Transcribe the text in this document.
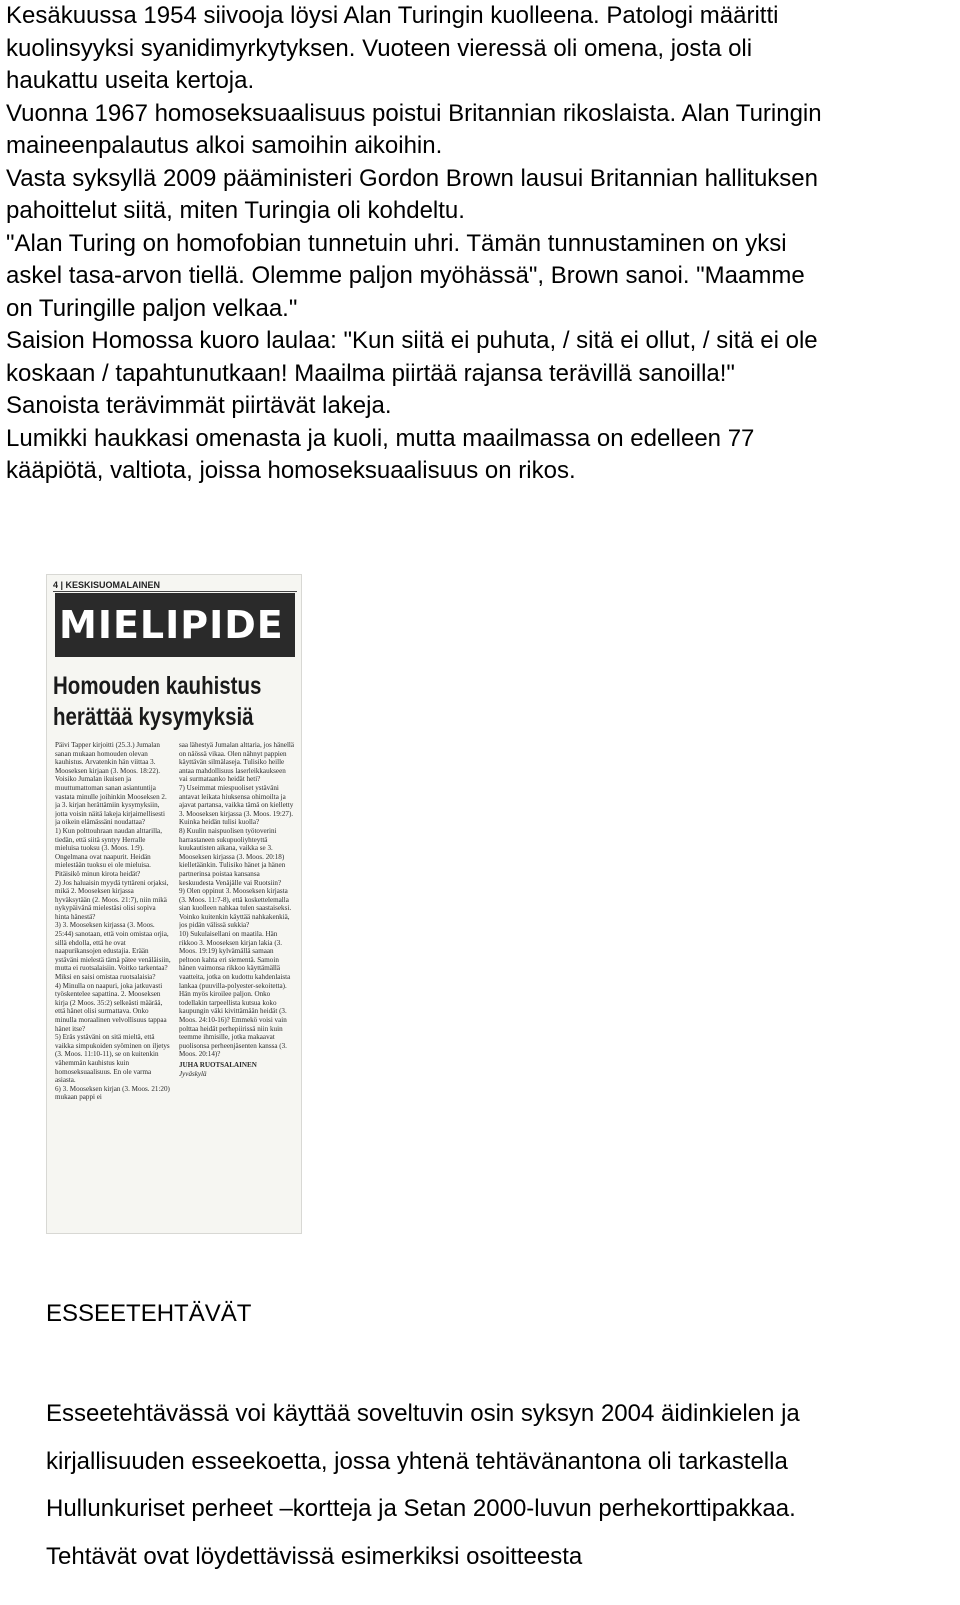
Kesäkuussa 1954 siivooja löysi Alan Turingin kuolleena. Patologi määritti

kuolinsyyksi syanidimyrkytyksen. Vuoteen vieressä oli omena, josta oli

haukattu useita kertoja.

Vuonna 1967 homoseksuaalisuus poistui Britannian rikoslaista. Alan Turingin

maineenpalautus alkoi samoihin aikoihin.

Vasta syksyllä 2009 pääministeri Gordon Brown lausui Britannian hallituksen

pahoittelut siitä, miten Turingia oli kohdeltu.

"Alan Turing on homofobian tunnetuin uhri. Tämän tunnustaminen on yksi

askel tasa-arvon tiellä. Olemme paljon myöhässä", Brown sanoi. "Maamme

on Turingille paljon velkaa."

Saision Homossa kuoro laulaa: "Kun siitä ei puhuta, / sitä ei ollut, / sitä ei ole

koskaan / tapahtunutkaan! Maailma piirtää rajansa terävillä sanoilla!"

Sanoista terävimmät piirtävät lakeja.

Lumikki haukkasi omenasta ja kuoli, mutta maailmassa on edelleen 77

kääpiötä, valtiota, joissa homoseksuaalisuus on rikos.

4 | KESKISUOMALAINEN
MIELIPIDE
Homouden kauhistus
herättää kysymyksiä

Päivi Tapper kirjoitti (25.3.) Jumalan sanan mukaan homouden olevan kauhistus. Arvatenkin hän viittaa 3. Mooseksen kirjaan (3. Moos. 18:22). Voisiko Jumalan ikuisen ja muuttumattoman sanan asiantuntija vastata minulle joihinkin Mooseksen 2. ja 3. kirjan herättämiin kysymyksiin, jotta voisin näitä lakeja kirjaimellisesti ja oikein elämässäni noudattaa?

1) Kun polttouhraan naudan alttarilla, tiedän, että siitä syntyy Herralle mieluisa tuoksu (3. Moos. 1:9). Ongelmana ovat naapurit. Heidän mielestään tuoksu ei ole mieluisa. Pitäisikö minun kirota heidät?

2) Jos haluaisin myydä tyttäreni orjaksi, mikä 2. Mooseksen kirjassa hyväksytään (2. Moos. 21:7), niin mikä nykypäivänä mielestäsi olisi sopiva hinta hänestä?

3) 3. Mooseksen kirjassa (3. Moos. 25:44) sanotaan, että voin omistaa orjia, sillä ehdolla, että he ovat naapurikansojen edustajia. Erään ystäväni mielestä tämä pätee venäläisiin, mutta ei ruotsalaisiin. Voitko tarkentaa? Miksi en saisi omistaa ruotsalaisia?

4) Minulla on naapuri, joka jatkuvasti työskentelee sapattina. 2. Mooseksen kirja (2 Moos. 35:2) selkeästi määrää, että hänet olisi surmattava. Onko minulla moraalinen velvollisuus tappaa hänet itse?

5) Eräs ystäväni on sitä mieltä, että vaikka simpukoiden syöminen on iljetys (3. Moos. 11:10-11), se on kuitenkin vähemmän kauhistus kuin homoseksuaalisuus. En ole varma asiasta.

6) 3. Mooseksen kirjan (3. Moos. 21:20) mukaan pappi ei

saa lähestyä Jumalan alttaria, jos hänellä on näössä vikaa. Olen nähnyt pappien käyttävän silmälaseja. Tulisiko heille antaa mahdollisuus laserleikkaukseen vai surmataanko heidät heti?

7) Useimmat miespuoliset ystäväni antavat leikata hiuksensa ohimoilta ja ajavat partansa, vaikka tämä on kielletty 3. Mooseksen kirjassa (3. Moos. 19:27). Kuinka heidän tulisi kuolla?

8) Kuulin naispuolisen työtoverini harrastaneen sukupuoliyhteyttä kuukautisten aikana, vaikka se 3. Mooseksen kirjassa (3. Moos. 20:18) kielletäänkin. Tulisiko hänet ja hänen partnerinsa poistaa kansansa keskuudesta Venäjälle vai Ruotsiin?

9) Olen oppinut 3. Mooseksen kirjasta (3. Moos. 11:7-8), että koskettelemalla sian kuolleen nahkaa tulen saastaiseksi. Voinko kuitenkin käyttää nahkakenkiä, jos pidän välissä sukkia?

10) Sukulaisellani on maatila. Hän rikkoo 3. Mooseksen kirjan lakia (3. Moos. 19:19) kylvämällä samaan peltoon kahta eri siementä. Samoin hänen vaimonsa rikkoo käyttämällä vaatteita, jotka on kudottu kahdenlaista lankaa (puuvilla-polyester-sekoitetta). Hän myös kiroilee paljon. Onko todellakin tarpeellista kutsua koko kaupungin väki kivittämään heidät (3. Moos. 24:10-16)? Emmekö voisi vain polttaa heidät perhepiirissä niin kuin teemme ihmisille, jotka makaavat puolisonsa perheenjäsenten kanssa (3. Moos. 20:14)?

JUHA RUOTSALAINEN

Jyväskylä

ESSEETEHTÄVÄT

Esseetehtävässä voi käyttää soveltuvin osin syksyn 2004 äidinkielen ja

kirjallisuuden esseekoetta, jossa yhtenä tehtävänantona oli tarkastella

Hullunkuriset perheet –kortteja ja Setan 2000-luvun perhekorttipakkaa.

Tehtävät ovat löydettävissä esimerkiksi osoitteesta
